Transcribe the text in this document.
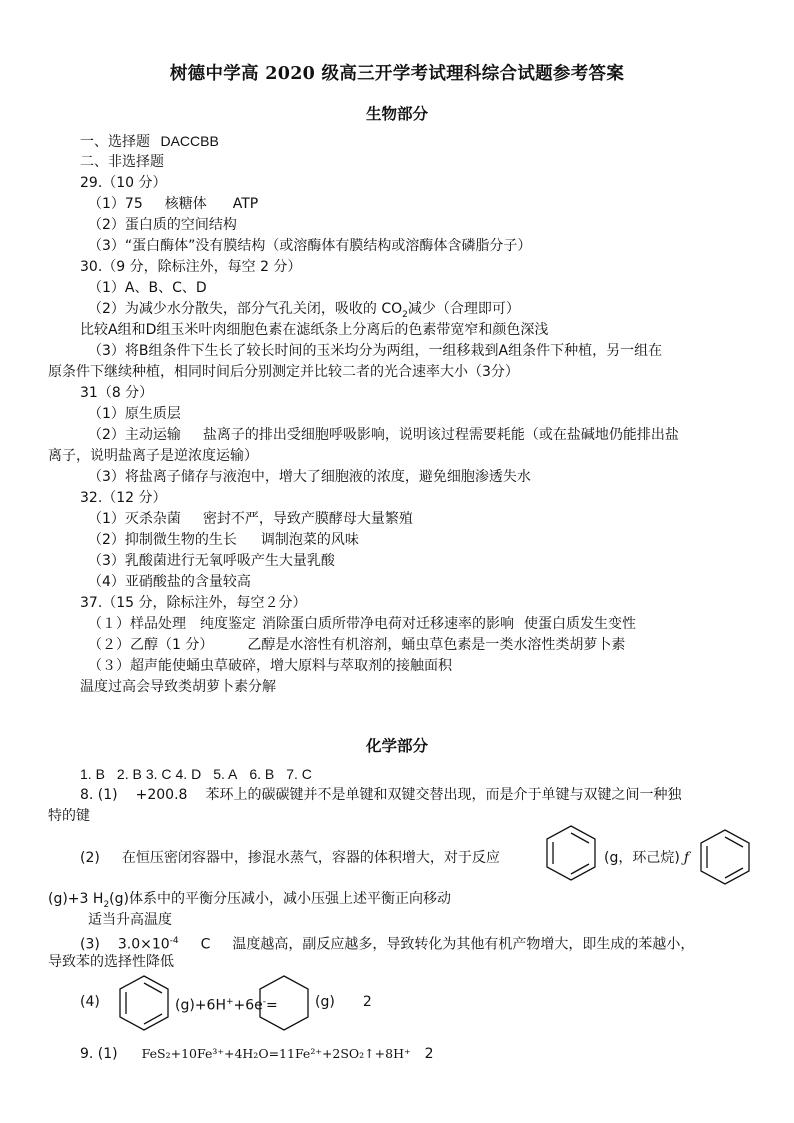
树德中学高 2020 级高三开学考试理科综合试题参考答案
生物部分
一、选择题 DACCBB
二、非选择题
29.（10 分）
（1）75 核糖体 ATP
（2）蛋白质的空间结构
（3）“蛋白酶体”没有膜结构（或溶酶体有膜结构或溶酶体含磷脂分子）
30.（9 分，除标注外，每空 2 分）
（1）A、B、C、D
（2）为减少水分散失，部分气孔关闭，吸收的 $CO_2$减少（合理即可）
比较A组和D组玉米叶肉细胞色素在滤纸条上分离后的色素带宽窄和颜色深浅
（3）将B组条件下生长了较长时间的玉米均分为两组，一组移栽到A组条件下种植，另一组在
原条件下继续种植，相同时间后分别测定并比较二者的光合速率大小（3分）
31（8 分）
（1）原生质层
（2）主动运输 盐离子的排出受细胞呼吸影响，说明该过程需要耗能（或在盐碱地仍能排出盐
离子，说明盐离子是逆浓度运输）
（3）将盐离子储存与液泡中，增大了细胞液的浓度，避免细胞渗透失水
32.（12 分）
（1）灭杀杂菌 密封不严，导致产膜酵母大量繁殖
（2）抑制微生物的生长 调制泡菜的风味
（3）乳酸菌进行无氧呼吸产生大量乳酸
（4）亚硝酸盐的含量较高
37.（15 分，除标注外，每空２分）
（１）样品处理 纯度鉴定 消除蛋白质所带净电荷对迁移速率的影响 使蛋白质发生变性
（２）乙醇（1 分） 乙醇是水溶性有机溶剂，蛹虫草色素是一类水溶性类胡萝卜素
（３）超声能使蛹虫草破碎，增大原料与萃取剂的接触面积
温度过高会导致类胡萝卜素分解
化学部分
1. B 2. B 3. C 4. D 5. A 6. B 7. C
8. (1) +200.8 苯环上的碳碳键并不是单键和双键交替出现，而是介于单键与双键之间一种独
特的键
(2) 在恒压密闭容器中，掺混水蒸气，容器的体积增大，对于反应	(g，环己烷) ƒ
(g)+3 $H_2(g)$体系中的平衡分压减小，减小压强上述平衡正向移动
适当升高温度
(3) $3.0\times 10^{-4}$ C 温度越高，副反应越多，导致转化为其他有机产物增大，即生成的苯越小，
导致苯的选择性降低
(4)	(g)+6H++6e-=	(g) 2
9. (1) FeS₂+10Fe³⁺+4H₂O=11Fe²⁺+2SO₂↑+8H⁺ 2
